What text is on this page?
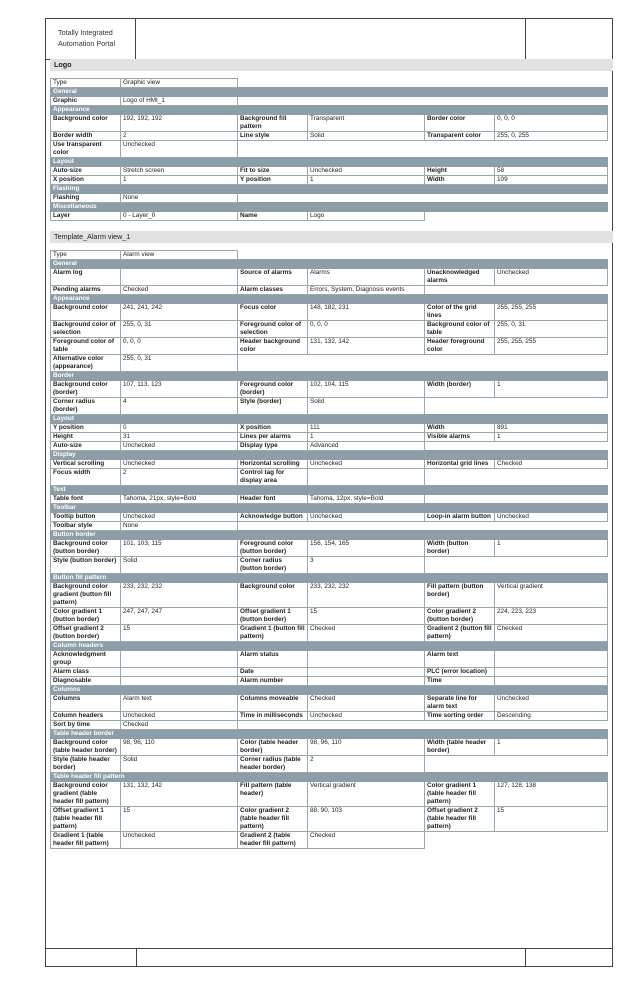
Totally Integrated
Automation Portal
Logo
Type	Graphic view				
General					
Graphic	Logo of HMI_1				
Appearance					
Background color	192, 192, 192	Background fill pattern	Transparent	Border color	0, 0, 0
Border width	2	Line style	Solid	Transparent color	255, 0, 255
Use transparent color	Unchecked				
Layout					
Auto-size	Stretch screen	Fit to size	Unchecked	Height	58
X position	1	Y position	1	Width	109
Flashing					
Flashing	None				
Miscellaneous					
Layer	0 - Layer_0	Name	Logo		
Template_Alarm view_1
Type	Alarm view				
General					
Alarm log		Source of alarms	Alarms	Unacknowledged alarms	Unchecked
Pending alarms	Checked	Alarm classes	Errors, System, Diagnosis events		
Appearance					
Background color	241, 241, 242	Focus color	148, 182, 231	Color of the grid lines	255, 255, 255
Background color of selection	255, 0, 31	Foreground color of selection	0, 0, 0	Background color of table	255, 0, 31
Foreground color of table	0, 0, 0	Header background color	131, 132, 142	Header foreground color	255, 255, 255
Alternative color (appearance)	255, 0, 31				
Border					
Background color (border)	107, 113, 123	Foreground color (border)	102, 104, 115	Width (border)	1
Corner radius (border)	4	Style (border)	Solid		
Layout					
Y position	0	X position	111	Width	891
Height	31	Lines per alarms	1	Visible alarms	1
Auto-size	Unchecked	Display type	Advanced		
Display					
Vertical scrolling	Unchecked	Horizontal scrolling	Unchecked	Horizontal grid lines	Checked
Focus width	2	Control tag for display area			
Text					
Table font	Tahoma, 21px, style=Bold	Header font	Tahoma, 12px, style=Bold		
Toolbar					
Tooltip button	Unchecked	Acknowledge button	Unchecked	Loop-in alarm button	Unchecked
Toolbar style	None				
Button border					
Background color (button border)	101, 103, 115	Foreground color (button border)	156, 154, 165	Width (button border)	1
Style (button border)	Solid	Corner radius (button border)	3		
Button fill pattern					
Background color gradient (button fill pattern)	233, 232, 232	Background color	233, 232, 232	Fill pattern (button border)	Vertical gradient
Color gradient 1 (button border)	247, 247, 247	Offset gradient 1 (button border)	15	Color gradient 2 (button border)	224, 223, 223
Offset gradient 2 (button border)	15	Gradient 1 (button fill pattern)	Checked	Gradient 2 (button fill pattern)	Checked
Column headers					
Acknowledgment group		Alarm status		Alarm text	
Alarm class		Date		PLC (error location)	
Diagnosable		Alarm number		Time	
Columns					
Columns	Alarm text	Columns moveable	Checked	Separate line for alarm text	Unchecked
Column headers	Unchecked	Time in milliseconds	Unchecked	Time sorting order	Descending
Sort by time	Checked				
Table header border					
Background color (table header border)	98, 96, 110	Color (table header border)	98, 96, 110	Width (table header border)	1
Style (table header border)	Solid	Corner radius (table header border)	2		
Table header fill pattern					
Background color gradient (table header fill pattern)	131, 132, 142	Fill pattern (table header)	Vertical gradient	Color gradient 1 (table header fill pattern)	127, 128, 138
Offset gradient 1 (table header fill pattern)	15	Color gradient 2 (table header fill pattern)	88, 90, 103	Offset gradient 2 (table header fill pattern)	15
Gradient 1 (table header fill pattern)	Unchecked	Gradient 2 (table header fill pattern)	Checked		
